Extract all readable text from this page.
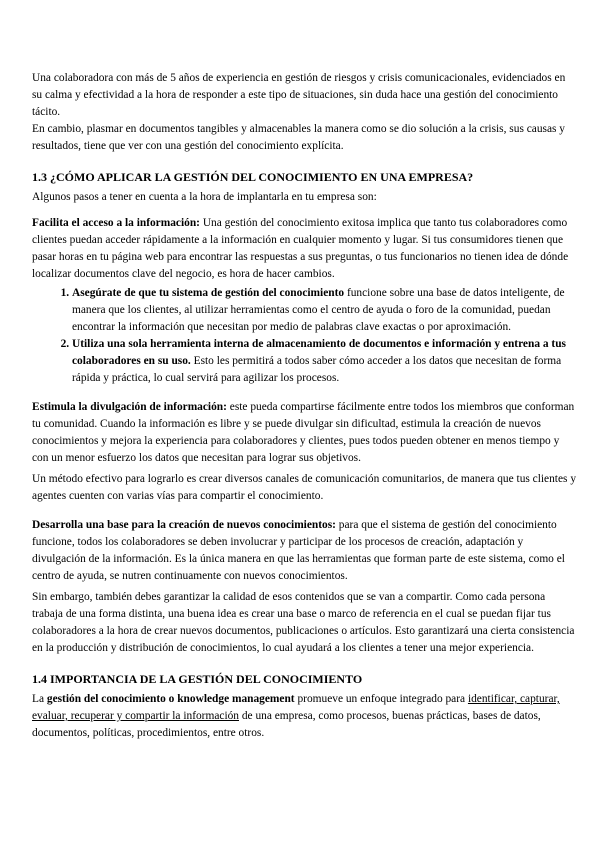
Una colaboradora con más de 5 años de experiencia en gestión de riesgos y crisis comunicacionales, evidenciados en su calma y efectividad a la hora de responder a este tipo de situaciones, sin duda hace una gestión del conocimiento tácito.

En cambio, plasmar en documentos tangibles y almacenables la manera como se dio solución a la crisis, sus causas y resultados, tiene que ver con una gestión del conocimiento explícita.

1.3 ¿CÓMO APLICAR LA GESTIÓN DEL CONOCIMIENTO EN UNA EMPRESA?

Algunos pasos a tener en cuenta a la hora de implantarla en tu empresa son:

Facilita el acceso a la información: Una gestión del conocimiento exitosa implica que tanto tus colaboradores como clientes puedan acceder rápidamente a la información en cualquier momento y lugar. Si tus consumidores tienen que pasar horas en tu página web para encontrar las respuestas a sus preguntas, o tus funcionarios no tienen idea de dónde localizar documentos clave del negocio, es hora de hacer cambios.

1. Asegúrate de que tu sistema de gestión del conocimiento funcione sobre una base de datos inteligente, de manera que los clientes, al utilizar herramientas como el centro de ayuda o foro de la comunidad, puedan encontrar la información que necesitan por medio de palabras clave exactas o por aproximación.
2. Utiliza una sola herramienta interna de almacenamiento de documentos e información y entrena a tus colaboradores en su uso. Esto les permitirá a todos saber cómo acceder a los datos que necesitan de forma rápida y práctica, lo cual servirá para agilizar los procesos.

Estimula la divulgación de información: este pueda compartirse fácilmente entre todos los miembros que conforman tu comunidad. Cuando la información es libre y se puede divulgar sin dificultad, estimula la creación de nuevos conocimientos y mejora la experiencia para colaboradores y clientes, pues todos pueden obtener en menos tiempo y con un menor esfuerzo los datos que necesitan para lograr sus objetivos.

Un método efectivo para lograrlo es crear diversos canales de comunicación comunitarios, de manera que tus clientes y agentes cuenten con varias vías para compartir el conocimiento.

Desarrolla una base para la creación de nuevos conocimientos: para que el sistema de gestión del conocimiento funcione, todos los colaboradores se deben involucrar y participar de los procesos de creación, adaptación y divulgación de la información. Es la única manera en que las herramientas que forman parte de este sistema, como el centro de ayuda, se nutren continuamente con nuevos conocimientos.

Sin embargo, también debes garantizar la calidad de esos contenidos que se van a compartir. Como cada persona trabaja de una forma distinta, una buena idea es crear una base o marco de referencia en el cual se puedan fijar tus colaboradores a la hora de crear nuevos documentos, publicaciones o artículos. Esto garantizará una cierta consistencia en la producción y distribución de conocimientos, lo cual ayudará a los clientes a tener una mejor experiencia.

1.4 IMPORTANCIA DE LA GESTIÓN DEL CONOCIMIENTO

La gestión del conocimiento o knowledge management promueve un enfoque integrado para identificar, capturar, evaluar, recuperar y compartir la información de una empresa, como procesos, buenas prácticas, bases de datos, documentos, políticas, procedimientos, entre otros.
